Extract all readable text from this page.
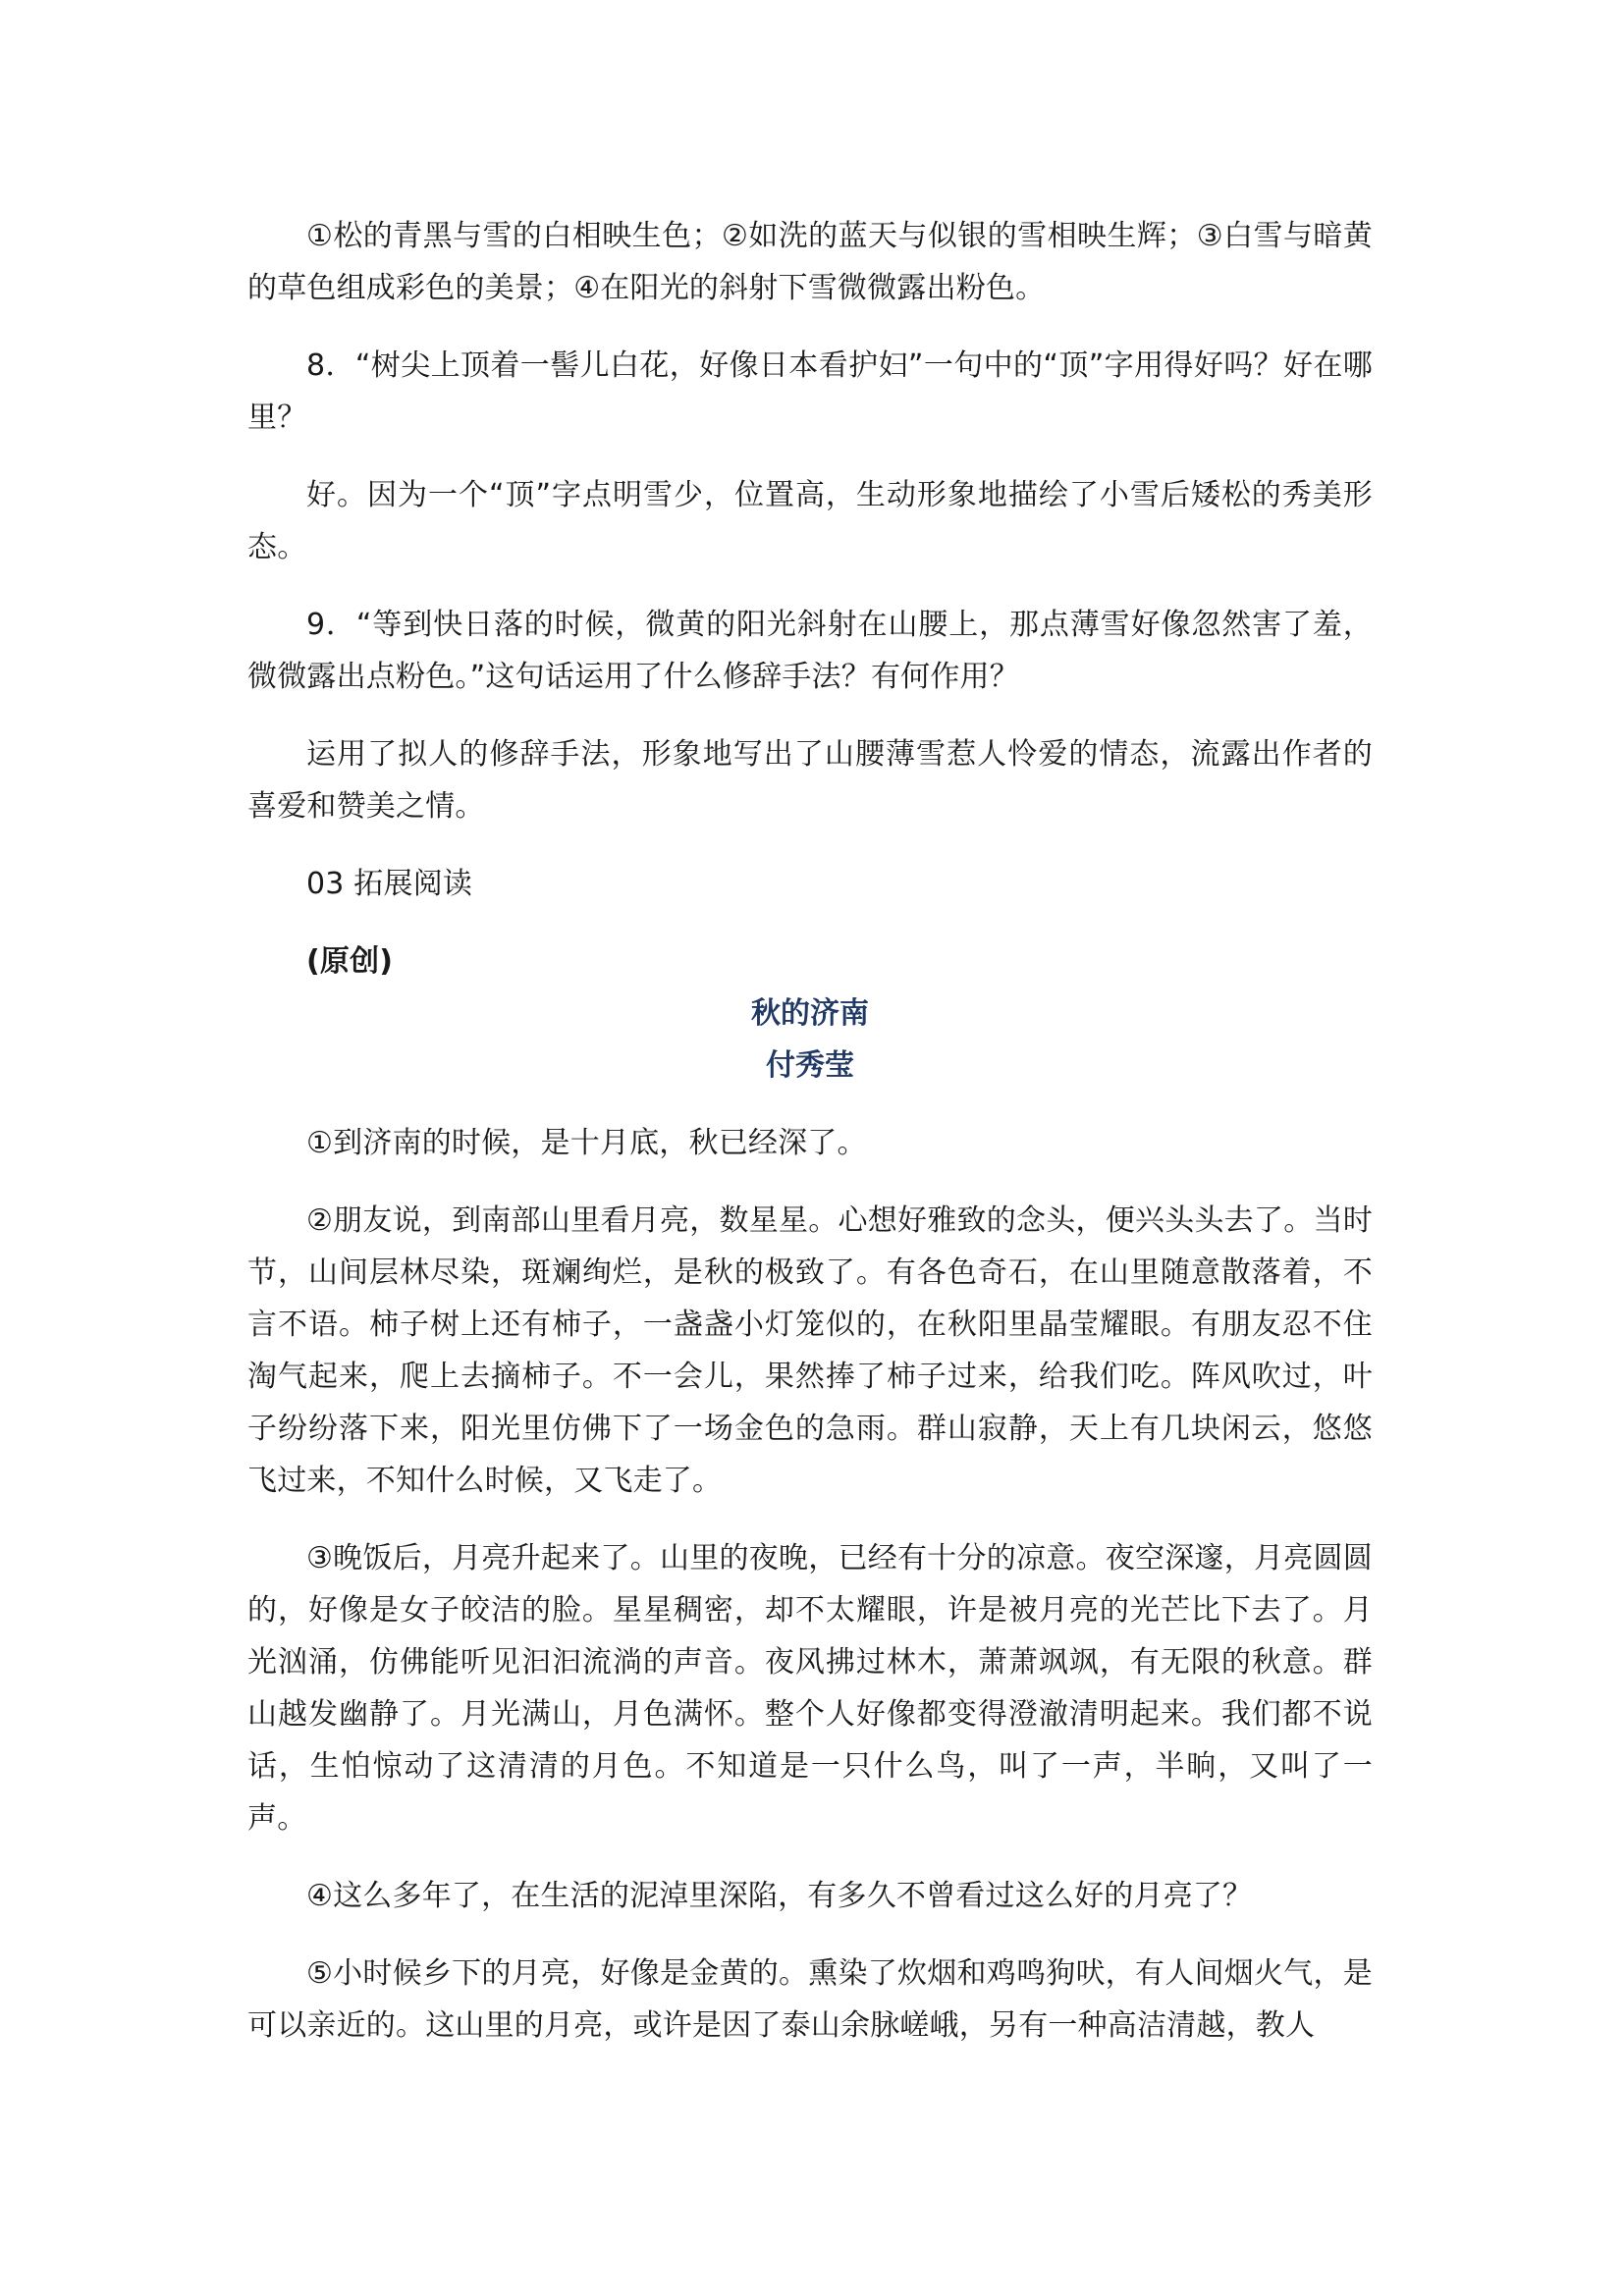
①松的青黑与雪的白相映生色；②如洗的蓝天与似银的雪相映生辉；③白雪与暗黄的草色组成彩色的美景；④在阳光的斜射下雪微微露出粉色。

8．“树尖上顶着一髻儿白花，好像日本看护妇”一句中的“顶”字用得好吗？好在哪里？

好。因为一个“顶”字点明雪少，位置高，生动形象地描绘了小雪后矮松的秀美形态。

9．“等到快日落的时候，微黄的阳光斜射在山腰上，那点薄雪好像忽然害了羞，微微露出点粉色。”这句话运用了什么修辞手法？有何作用？

运用了拟人的修辞手法，形象地写出了山腰薄雪惹人怜爱的情态，流露出作者的喜爱和赞美之情。

03 拓展阅读

(原创)

秋的济南

付秀莹

①到济南的时候，是十月底，秋已经深了。

②朋友说，到南部山里看月亮，数星星。心想好雅致的念头，便兴头头去了。当时节，山间层林尽染，斑斓绚烂，是秋的极致了。有各色奇石，在山里随意散落着，不言不语。柿子树上还有柿子，一盏盏小灯笼似的，在秋阳里晶莹耀眼。有朋友忍不住淘气起来，爬上去摘柿子。不一会儿，果然捧了柿子过来，给我们吃。阵风吹过，叶子纷纷落下来，阳光里仿佛下了一场金色的急雨。群山寂静，天上有几块闲云，悠悠飞过来，不知什么时候，又飞走了。

③晚饭后，月亮升起来了。山里的夜晚，已经有十分的凉意。夜空深邃，月亮圆圆的，好像是女子皎洁的脸。星星稠密，却不太耀眼，许是被月亮的光芒比下去了。月光汹涌，仿佛能听见汩汩流淌的声音。夜风拂过林木，萧萧飒飒，有无限的秋意。群山越发幽静了。月光满山，月色满怀。整个人好像都变得澄澈清明起来。我们都不说话，生怕惊动了这清清的月色。不知道是一只什么鸟，叫了一声，半晌，又叫了一声。

④这么多年了，在生活的泥淖里深陷，有多久不曾看过这么好的月亮了？

⑤小时候乡下的月亮，好像是金黄的。熏染了炊烟和鸡鸣狗吠，有人间烟火气，是可以亲近的。这山里的月亮，或许是因了泰山余脉嵯峨，另有一种高洁清越，教人
